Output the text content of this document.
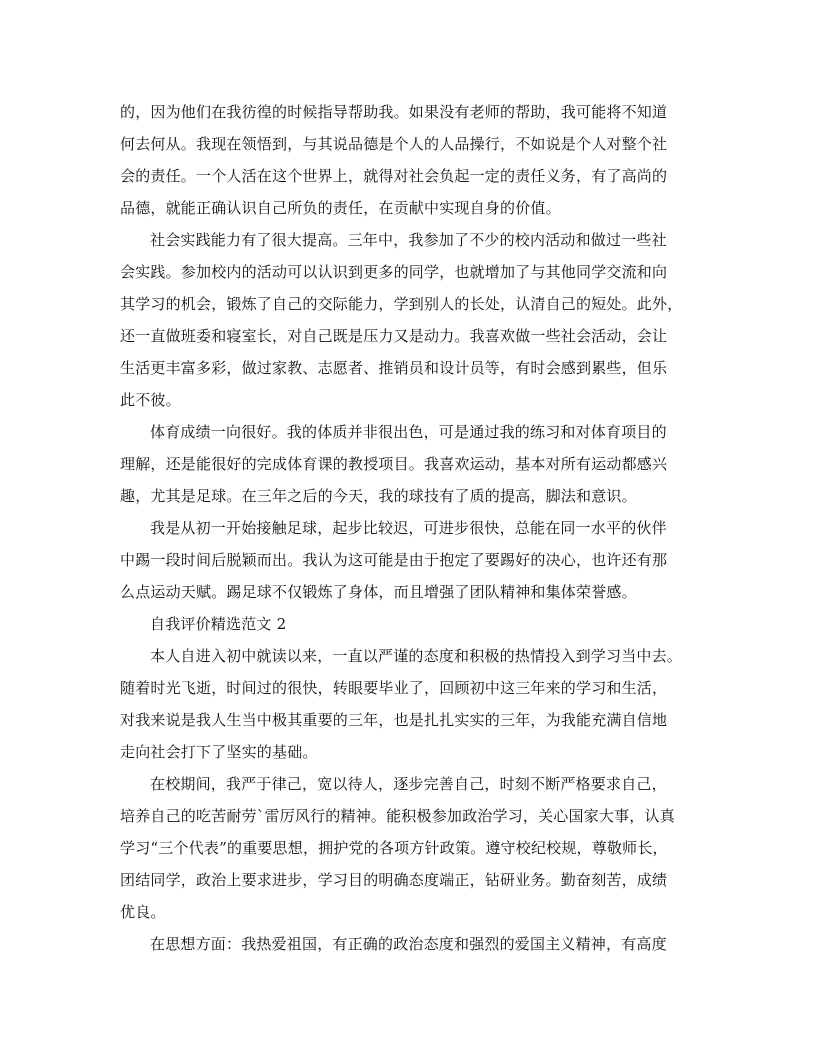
的，因为他们在我彷徨的时候指导帮助我。如果没有老师的帮助，我可能将不知道
何去何从。我现在领悟到，与其说品德是个人的人品操行，不如说是个人对整个社
会的责任。一个人活在这个世界上，就得对社会负起一定的责任义务，有了高尚的
品德，就能正确认识自己所负的责任，在贡献中实现自身的价值。
社会实践能力有了很大提高。三年中，我参加了不少的校内活动和做过一些社
会实践。参加校内的活动可以认识到更多的同学，也就增加了与其他同学交流和向
其学习的机会，锻炼了自己的交际能力，学到别人的长处，认清自己的短处。此外，
还一直做班委和寝室长，对自己既是压力又是动力。我喜欢做一些社会活动，会让
生活更丰富多彩，做过家教、志愿者、推销员和设计员等，有时会感到累些，但乐
此不彼。
体育成绩一向很好。我的体质并非很出色，可是通过我的练习和对体育项目的
理解，还是能很好的完成体育课的教授项目。我喜欢运动，基本对所有运动都感兴
趣，尤其是足球。在三年之后的今天，我的球技有了质的提高，脚法和意识。
我是从初一开始接触足球，起步比较迟，可进步很快，总能在同一水平的伙伴
中踢一段时间后脱颖而出。我认为这可能是由于抱定了要踢好的决心，也许还有那
么点运动天赋。踢足球不仅锻炼了身体，而且增强了团队精神和集体荣誉感。
自我评价精选范文 2
本人自进入初中就读以来，一直以严谨的态度和积极的热情投入到学习当中去。
随着时光飞逝，时间过的很快，转眼要毕业了，回顾初中这三年来的学习和生活，
对我来说是我人生当中极其重要的三年，也是扎扎实实的三年，为我能充满自信地
走向社会打下了坚实的基础。
在校期间，我严于律己，宽以待人，逐步完善自己，时刻不断严格要求自己，
培养自己的吃苦耐劳`雷厉风行的精神。能积极参加政治学习，关心国家大事，认真
学习“三个代表”的重要思想，拥护党的各项方针政策。遵守校纪校规，尊敬师长，
团结同学，政治上要求进步，学习目的明确态度端正，钻研业务。勤奋刻苦，成绩
优良。
在思想方面：我热爱祖国，有正确的政治态度和强烈的爱国主义精神，有高度
